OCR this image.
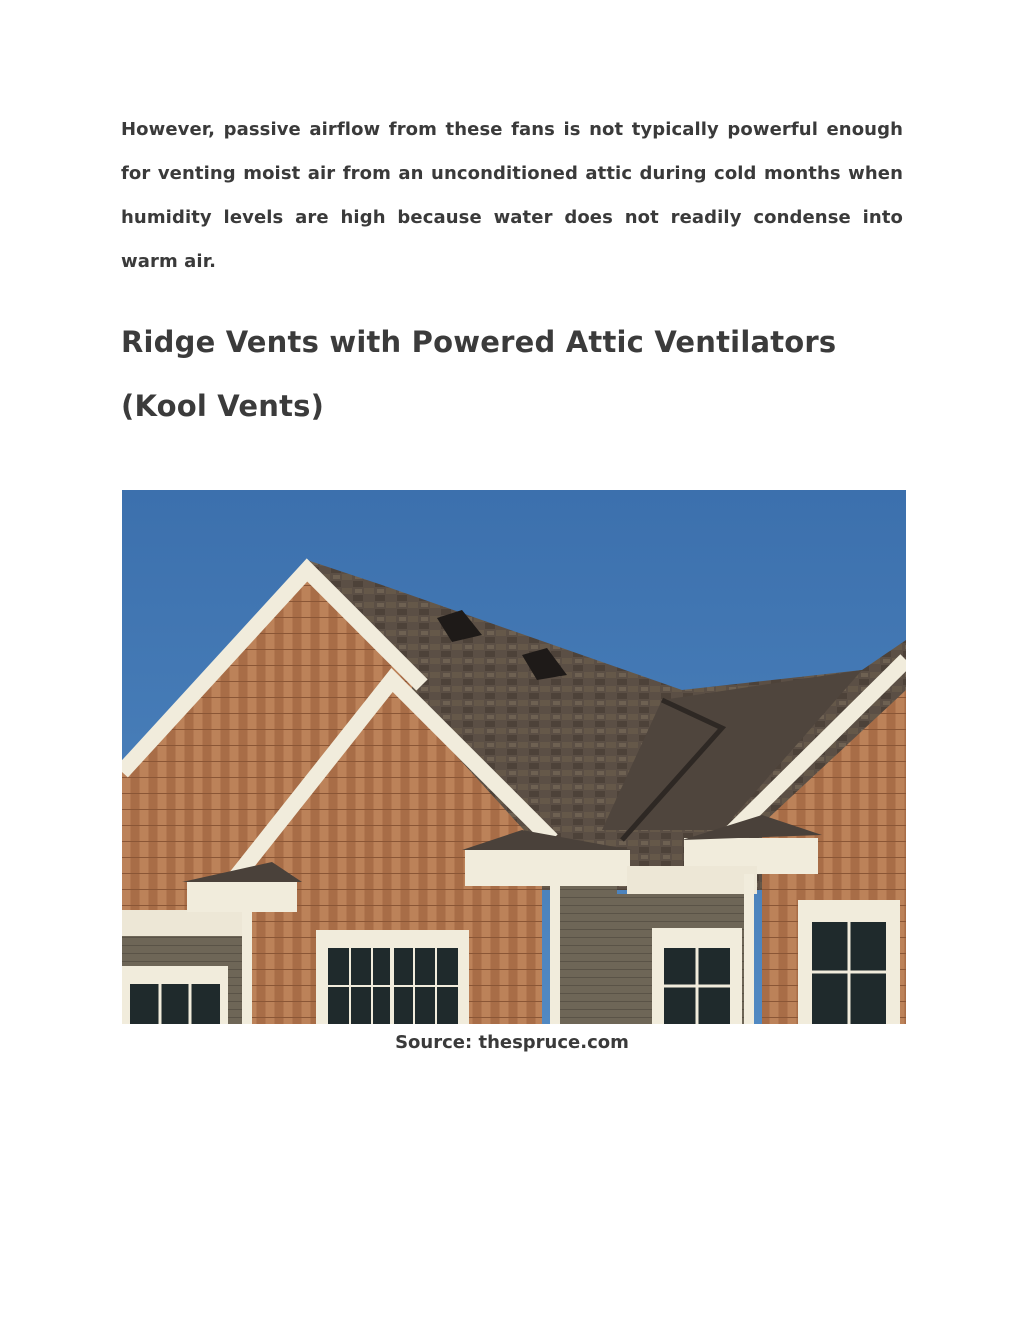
However, passive airflow from these fans is not typically powerful enough for venting moist air from an unconditioned attic during cold months when humidity levels are high because water does not readily condense into warm air.

Ridge Vents with Powered Attic Ventilators (Kool Vents)
Source: thespruce.com
